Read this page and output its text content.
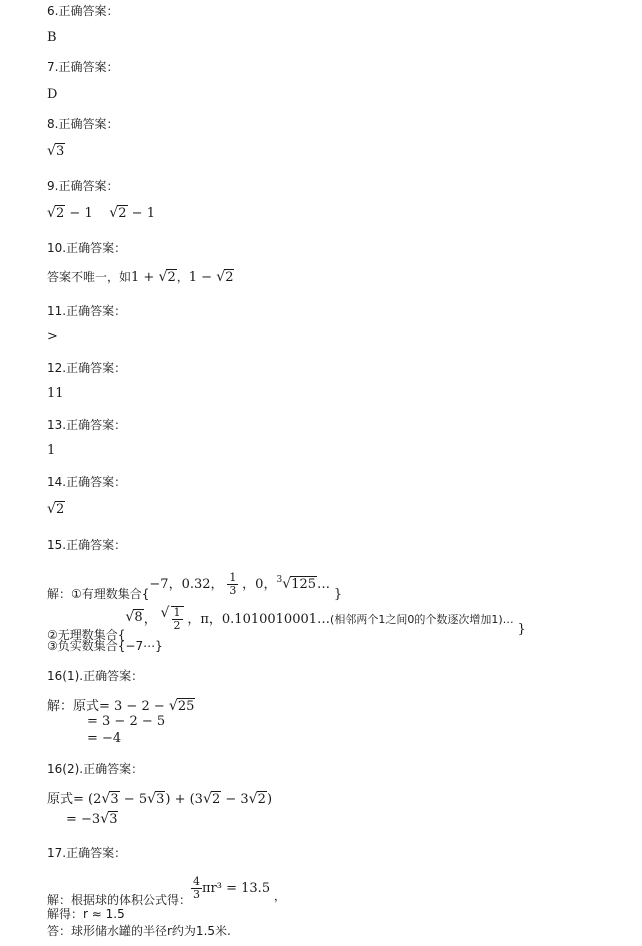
6.正确答案：
B
7.正确答案：
D
8.正确答案：
√ 3
9.正确答案：
√ 2 − 1 √ 2 − 1
10.正确答案：
答案不唯一，如1 + √ 2，1 − √ 2
11.正确答案：
>
12.正确答案：
11
13.正确答案：
1
14.正确答案：
√ 2
15.正确答案：
解：①有理数集合{−7，0.32， $\frac{1}{3}$ ，0，$^3$ √ 125… }
②无理数集合{√ 8， √ $\frac{1}{2}$ ，π，0.1010010001…(相邻两个1之间0的个数逐次增加1)… }
③负实数集合{−7⋯}
16(1).正确答案：
解：原式= 3 − 2 − √ 25
= 3 − 2 − 5
= −4
16(2).正确答案：
原式= (2 √ 3 − 5 √ 3) + (3 √ 2 − 3 √ 2)
= −3 √ 3
17.正确答案：
解：根据球的体积公式得： $\frac{4}{3} \pi r^3 = 13.5$ ，
解得：r ≈ 1.5
答：球形储水罐的半径r约为1.5米.
